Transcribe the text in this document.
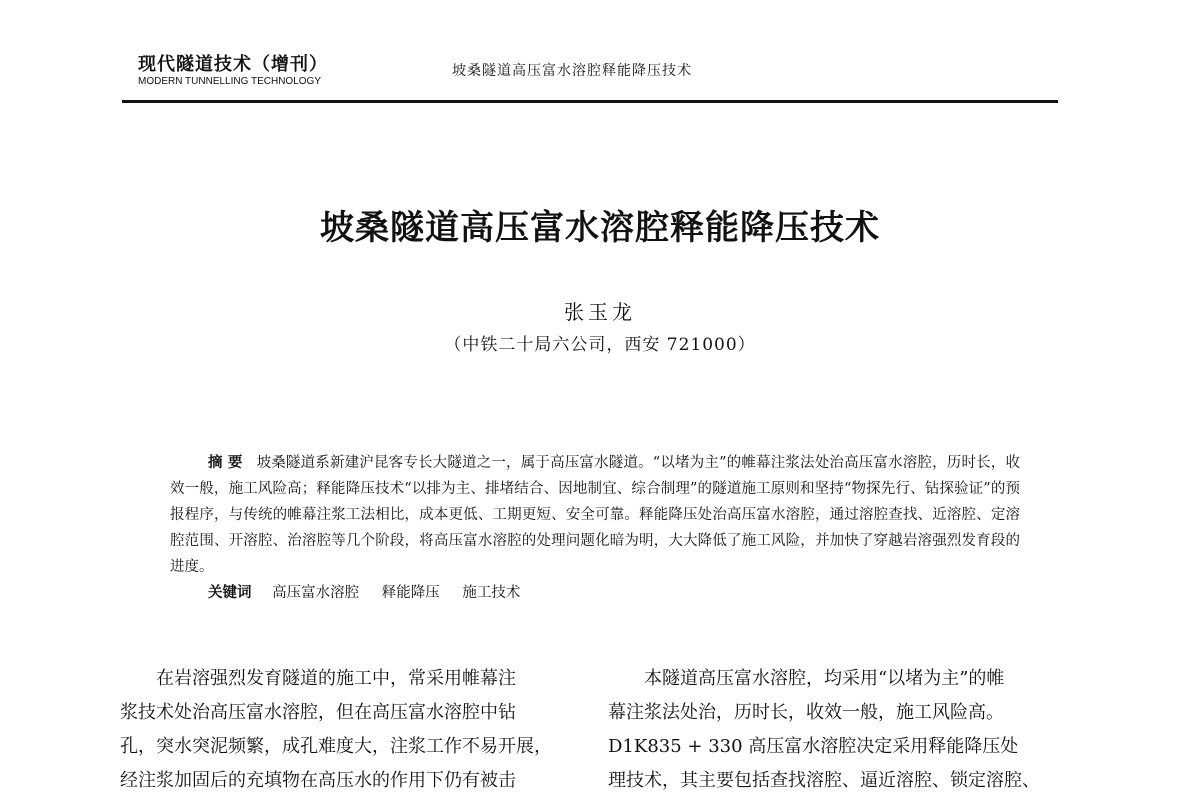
现代隧道技术（增刊）
MODERN TUNNELLING TECHNOLOGY
坡桑隧道高压富水溶腔释能降压技术
坡桑隧道高压富水溶腔释能降压技术
张玉龙
（中铁二十局六公司，西安 721000）

摘 要 坡桑隧道系新建沪昆客专长大隧道之一，属于高压富水隧道。“以堵为主”的帷幕注浆法处治高压富水溶腔，历时长，收效一般，施工风险高；释能降压技术“以排为主、排堵结合、因地制宜、综合制理”的隧道施工原则和坚持“物探先行、钻探验证”的预报程序，与传统的帷幕注浆工法相比，成本更低、工期更短、安全可靠。释能降压处治高压富水溶腔，通过溶腔查找、近溶腔、定溶腔范围、开溶腔、治溶腔等几个阶段，将高压富水溶腔的处理问题化暗为明，大大降低了施工风险，并加快了穿越岩溶强烈发育段的进度。

关键词 高压富水溶腔 释能降压 施工技术
在岩溶强烈发育隧道的施工中，常采用帷幕注
浆技术处治高压富水溶腔，但在高压富水溶腔中钻
孔，突水突泥频繁，成孔难度大，注浆工作不易开展，
经注浆加固后的充填物在高压水的作用下仍有被击
本隧道高压富水溶腔，均采用“以堵为主”的帷
幕注浆法处治，历时长，收效一般，施工风险高。
D1K835 + 330 高压富水溶腔决定采用释能降压处
理技术，其主要包括查找溶腔、逼近溶腔、锁定溶腔、
